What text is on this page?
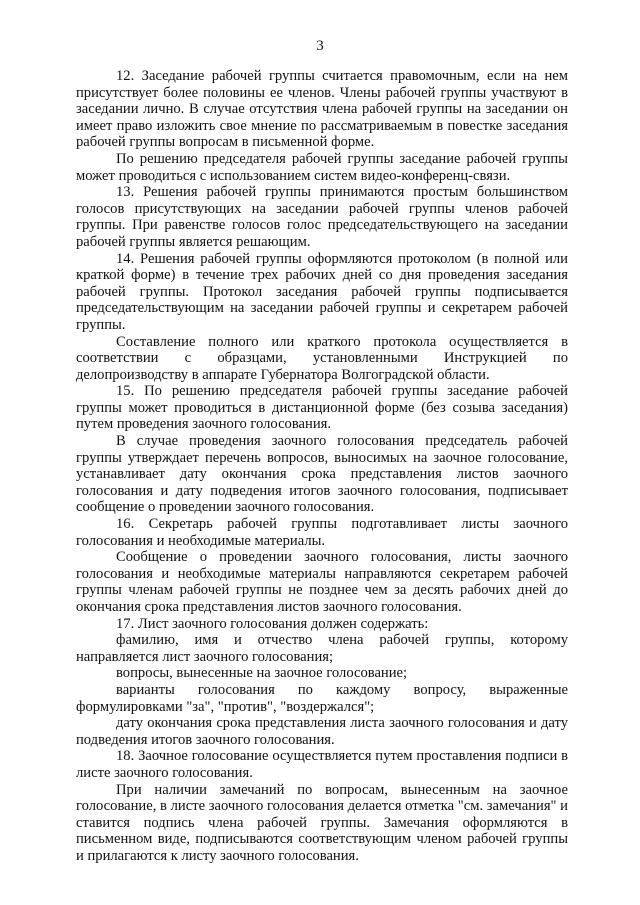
3

12. Заседание рабочей группы считается правомочным, если на нем присутствует более половины ее членов. Члены рабочей группы участвуют в заседании лично. В случае отсутствия члена рабочей группы на заседании он имеет право изложить свое мнение по рассматриваемым в повестке заседания рабочей группы вопросам в письменной форме.

По решению председателя рабочей группы заседание рабочей группы может проводиться с использованием систем видео-конференц-связи.

13. Решения рабочей группы принимаются простым большинством голосов присутствующих на заседании рабочей группы членов рабочей группы. При равенстве голосов голос председательствующего на заседании рабочей группы является решающим.

14. Решения рабочей группы оформляются протоколом (в полной или краткой форме) в течение трех рабочих дней со дня проведения заседания рабочей группы. Протокол заседания рабочей группы подписывается председательствующим на заседании рабочей группы и секретарем рабочей группы.

Составление полного или краткого протокола осуществляется в соответствии с образцами, установленными Инструкцией по делопроизводству в аппарате Губернатора Волгоградской области.

15. По решению председателя рабочей группы заседание рабочей группы может проводиться в дистанционной форме (без созыва заседания) путем проведения заочного голосования.

В случае проведения заочного голосования председатель рабочей группы утверждает перечень вопросов, выносимых на заочное голосование, устанавливает дату окончания срока представления листов заочного голосования и дату подведения итогов заочного голосования, подписывает сообщение о проведении заочного голосования.

16. Секретарь рабочей группы подготавливает листы заочного голосования и необходимые материалы.

Сообщение о проведении заочного голосования, листы заочного голосования и необходимые материалы направляются секретарем рабочей группы членам рабочей группы не позднее чем за десять рабочих дней до окончания срока представления листов заочного голосования.

17. Лист заочного голосования должен содержать:

фамилию, имя и отчество члена рабочей группы, которому направляется лист заочного голосования;

вопросы, вынесенные на заочное голосование;

варианты голосования по каждому вопросу, выраженные формулировками "за", "против", "воздержался";

дату окончания срока представления листа заочного голосования и дату подведения итогов заочного голосования.

18. Заочное голосование осуществляется путем проставления подписи в листе заочного голосования.

При наличии замечаний по вопросам, вынесенным на заочное голосование, в листе заочного голосования делается отметка "см. замечания" и ставится подпись члена рабочей группы. Замечания оформляются в письменном виде, подписываются соответствующим членом рабочей группы и прилагаются к листу заочного голосования.
